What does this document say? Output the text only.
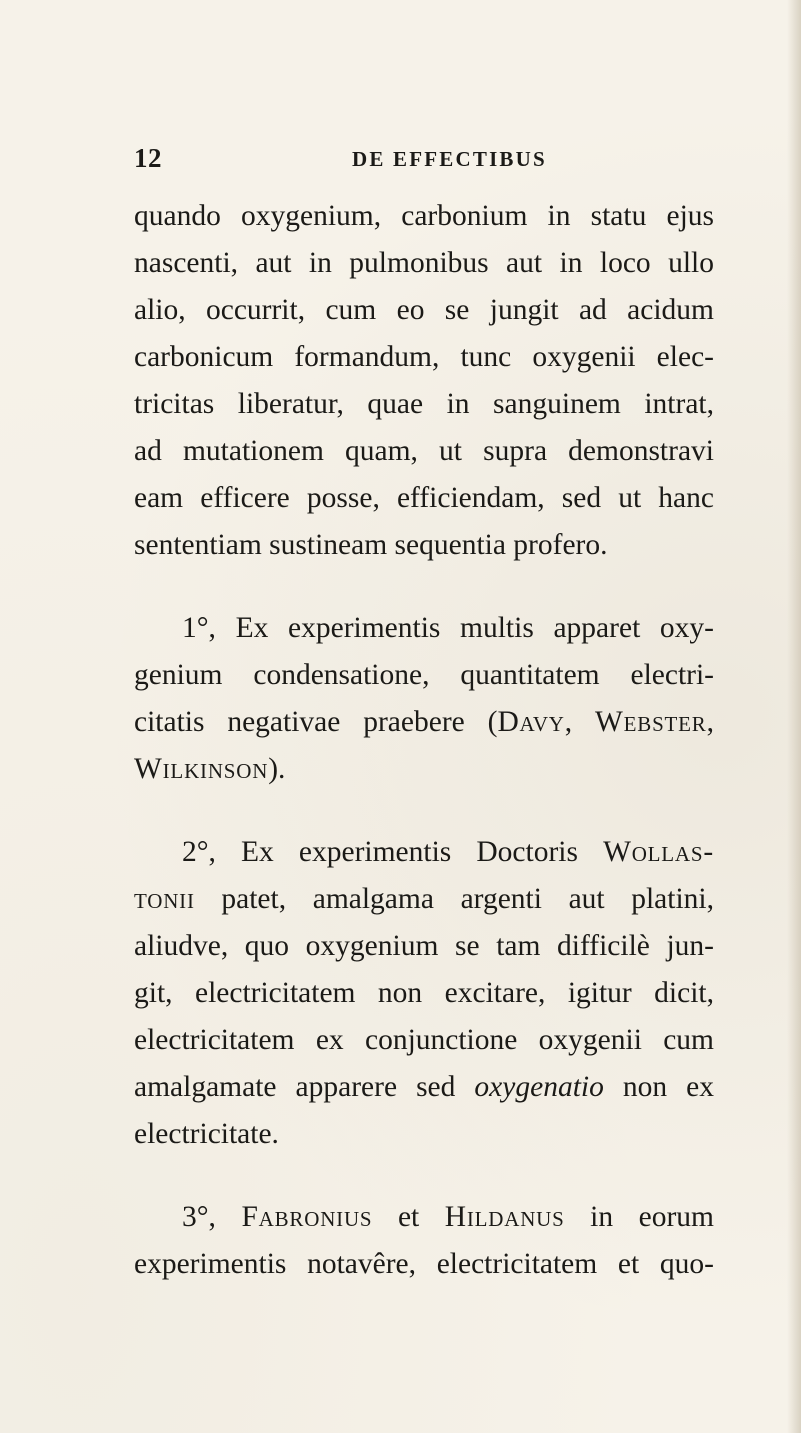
12	DE EFFECTIBUS
quando oxygenium, carbonium in statu ejus
nascenti, aut in pulmonibus aut in loco ullo
alio, occurrit, cum eo se jungit ad acidum
carbonicum formandum, tunc oxygenii elec-
tricitas liberatur, quae in sanguinem intrat,
ad mutationem quam, ut supra demonstravi
eam efficere posse, efficiendam, sed ut hanc
sententiam sustineam sequentia profero.
1°, Ex experimentis multis apparet oxy-
genium condensatione, quantitatem electri-
citatis negativae praebere (Davy, Webster,
Wilkinson).
2°, Ex experimentis Doctoris Wollas-
tonii patet, amalgama argenti aut platini,
aliudve, quo oxygenium se tam difficilè jun-
git, electricitatem non excitare, igitur dicit,
electricitatem ex conjunctione oxygenii cum
amalgamate apparere sed oxygenatio non ex
electricitate.
3°, Fabronius et Hildanus in eorum
experimentis notavêre, electricitatem et quo-
